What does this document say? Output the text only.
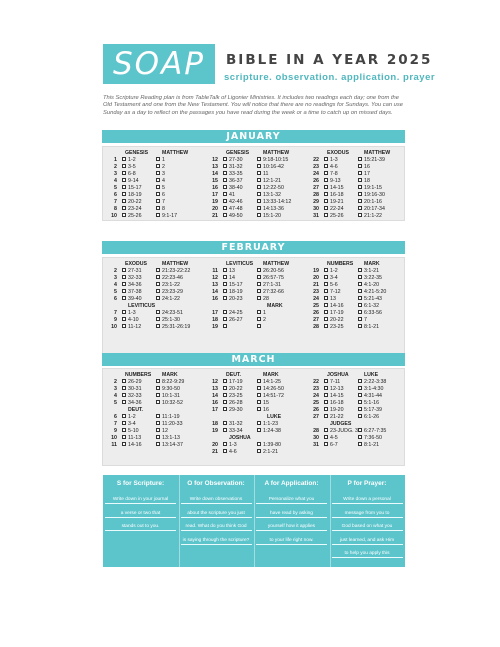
SOAP	BIBLE IN A YEAR 2025
scripture. observation. application. prayer
This Scripture Reading plan is from TableTalk of Ligonier Ministries. It includes two readings each day; one from the Old Testament and one from the New Testament. You will notice that there are no readings for Sundays. You can use Sunday as a day to reflect on the passages you have read during the week or a time to catch up on missed days.
JANUARY
GENESIS	MATTHEW
1	1-2	1
2	3-5	2
3	6-8	3
4	9-14	4
5	15-17	5
6	18-19	6
7	20-22	7
8	23-24	8
10	25-26	9:1-17
GENESIS	MATTHEW
12	27-30	9:18-10:15
13	31-32	10:16-42
14	33-35	11
15	36-37	12:1-21
16	38-40	12:22-50
17	41	13:1-32
19	42-46	13:33-14:12
20	47-48	14:13-36
21	49-50	15:1-20
EXODUS	MATTHEW
22	1-3	15:21-39
23	4-6	16
24	7-8	17
26	9-13	18
27	14-15	19:1-15
28	16-18	19:16-30
29	19-21	20:1-16
30	22-24	20:17-34
31	25-26	21:1-22
FEBRUARY
EXODUS	MATTHEW
2	27-31	21:23-22:22
3	32-33	22:23-46
4	34-36	23:1-22
5	37-38	23:23-29
6	39-40	24:1-22
LEVITICUS
7	1-3	24:23-51
9	4-10	25:1-30
10	11-12	25:31-26:19
LEVITICUS MATTHEW
11	13	26:20-56
12	14	26:57-75
13	15-17	27:1-31
14	18-19	27:32-66
16	20-23	28
MARK
17	24-25	1
18	26-27	2
19
NUMBERS MARK
19	1-2	3:1-21
20	3-4	3:22-35
21	5-6	4:1-20
23	7-12	4:21-5:20
24	13	5:21-43
25	14-16	6:1-32
26	17-19	6:33-56
27	20-22	7
28	23-25	8:1-21
MARCH
NUMBERS MARK
2	26-29	8:22-9:29
3	30-31	9:30-50
4	32-33	10:1-31
5	34-36	10:32-52
DEUT.
6	1-2	11:1-19
7	3-4	11:20-33
9	5-10	12
10	11-13	13:1-13
11	14-16	13:14-37
DEUT.	MARK
12	17-19	14:1-25
13	20-22	14:26-50
14	23-25	14:51-72
16	26-28	15
17	29-30	16
LUKE
18	31-32	1:1-23
19	33-34	1:24-38
JOSHUA
20	1-3	1:39-80
21	4-6	2:1-21
JOSHUA	LUKE
22	7-11	2:22-3:38
23	12-13	3:1-4:30
24	14-15	4:31-44
25	16-18	5:1-16
26	19-20	5:17-39
27	21-22	6:1-26
JUDGES
28	23-JUDG. 3	6:27-7:35
30	4-5	7:36-50
31	6-7	8:1-21
S for Scripture:
Write down in your journal
a verse or two that
stands out to you.
O for Observation:
Write down observations
about the scripture you just
read. What do you think God
is saying through the scripture?
A for Application:
Personalize what you
have read by asking
yourself how it applies
to your life right now.
P for Prayer:
Write down a personal
message from you to
God based on what you
just learned, and ask Him
to help you apply this
